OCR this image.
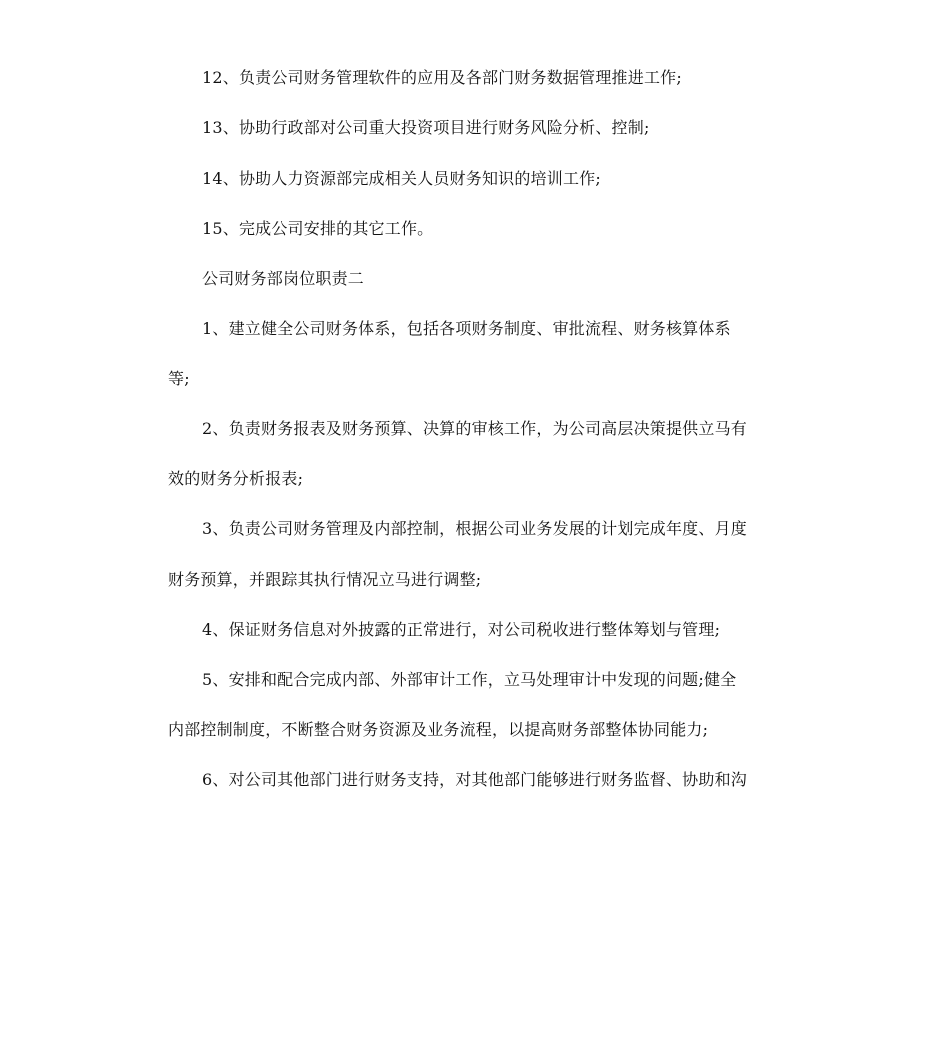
12、负责公司财务管理软件的应用及各部门财务数据管理推进工作;
13、协助行政部对公司重大投资项目进行财务风险分析、控制;
14、协助人力资源部完成相关人员财务知识的培训工作;
15、完成公司安排的其它工作。
公司财务部岗位职责二
1、建立健全公司财务体系，包括各项财务制度、审批流程、财务核算体系
等;
2、负责财务报表及财务预算、决算的审核工作，为公司高层决策提供立马有
效的财务分析报表;
3、负责公司财务管理及内部控制，根据公司业务发展的计划完成年度、月度
财务预算，并跟踪其执行情况立马进行调整;
4、保证财务信息对外披露的正常进行，对公司税收进行整体筹划与管理;
5、安排和配合完成内部、外部审计工作，立马处理审计中发现的问题;健全
内部控制制度，不断整合财务资源及业务流程，以提高财务部整体协同能力;
6、对公司其他部门进行财务支持，对其他部门能够进行财务监督、协助和沟
